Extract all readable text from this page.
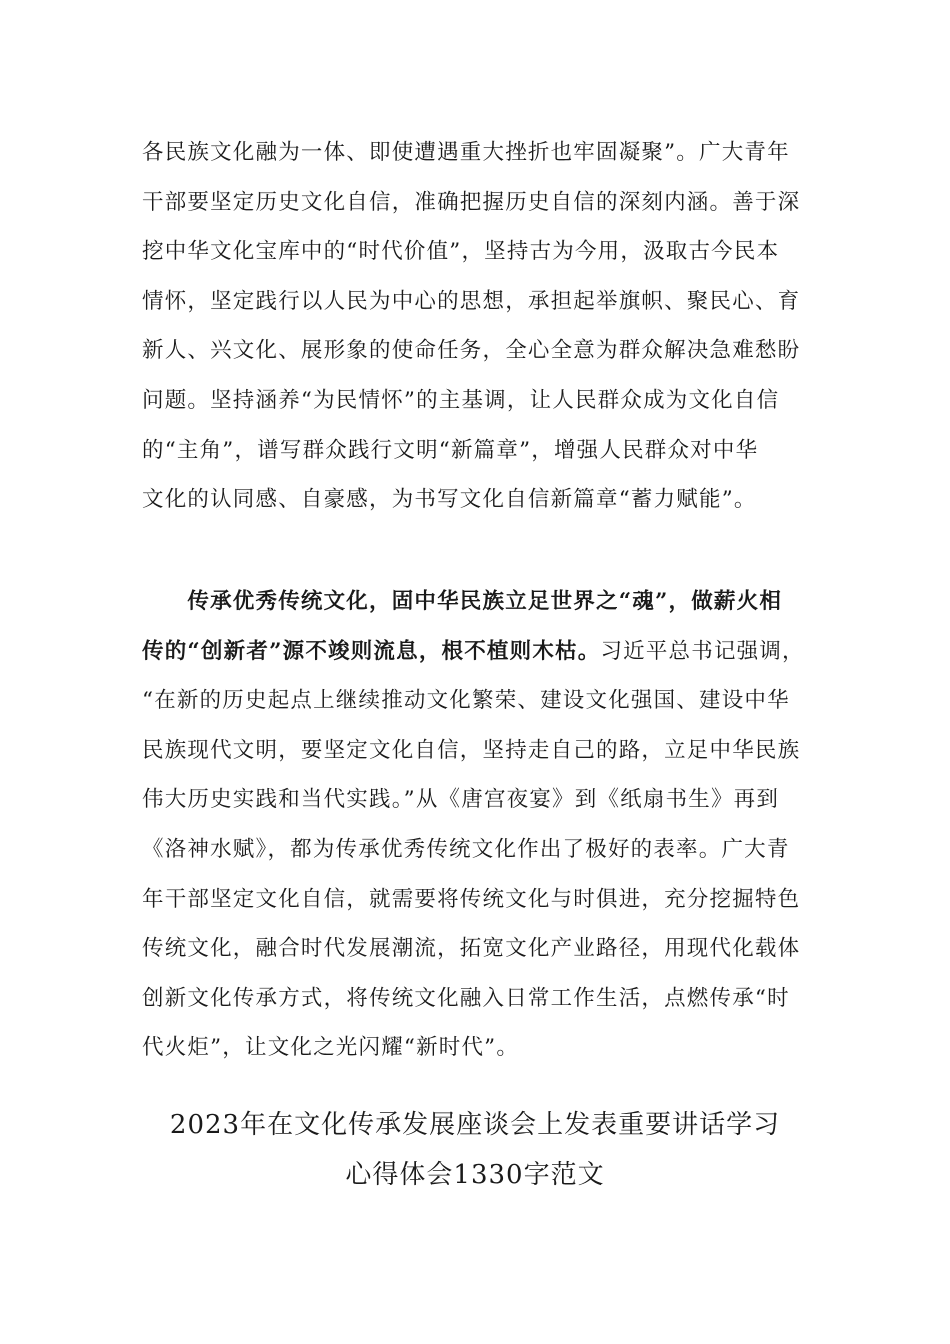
各民族文化融为一体、即使遭遇重大挫折也牢固凝聚”。广大青年
干部要坚定历史文化自信，准确把握历史自信的深刻内涵。善于深
挖中华文化宝库中的“时代价值”，坚持古为今用，汲取古今民本
情怀，坚定践行以人民为中心的思想，承担起举旗帜、聚民心、育
新人、兴文化、展形象的使命任务，全心全意为群众解决急难愁盼
问题。坚持涵养“为民情怀”的主基调，让人民群众成为文化自信
的“主角”，谱写群众践行文明“新篇章”，增强人民群众对中华
文化的认同感、自豪感，为书写文化自信新篇章“蓄力赋能”。
　　传承优秀传统文化，固中华民族立足世界之“魂”，做薪火相
传的“创新者”源不竣则流息，根不植则木枯。习近平总书记强调，
“在新的历史起点上继续推动文化繁荣、建设文化强国、建设中华
民族现代文明，要坚定文化自信，坚持走自己的路，立足中华民族
伟大历史实践和当代实践。”从《唐宫夜宴》到《纸扇书生》再到
《洛神水赋》，都为传承优秀传统文化作出了极好的表率。广大青
年干部坚定文化自信，就需要将传统文化与时俱进，充分挖掘特色
传统文化，融合时代发展潮流，拓宽文化产业路径，用现代化载体
创新文化传承方式，将传统文化融入日常工作生活，点燃传承“时
代火炬”，让文化之光闪耀“新时代”。
2023年在文化传承发展座谈会上发表重要讲话学习
心得体会1330字范文
